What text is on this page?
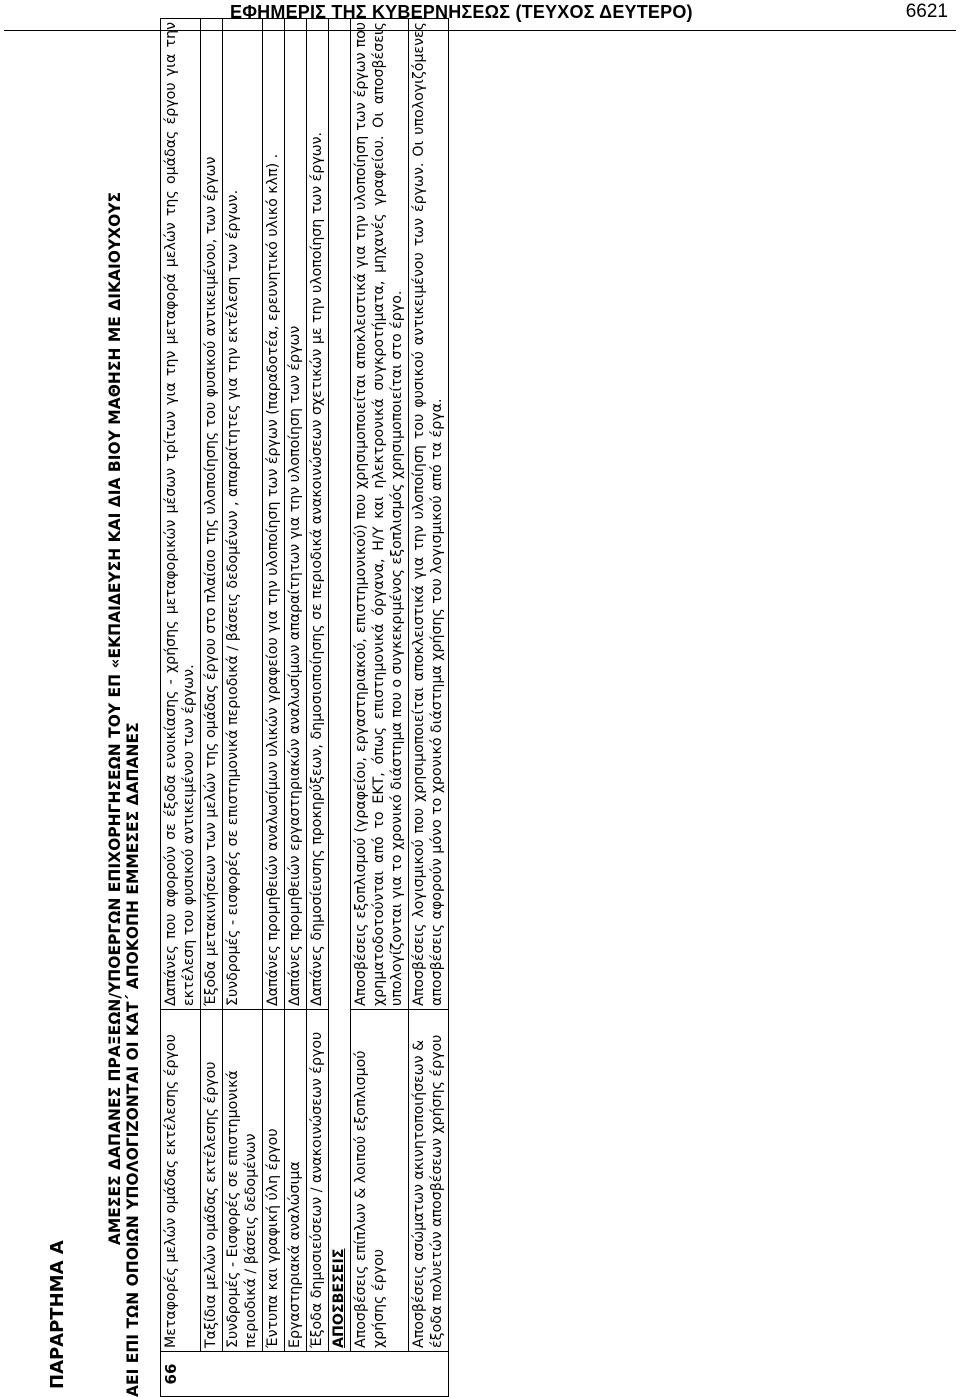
ΕΦΗΜΕΡΙΣ ΤΗΣ ΚΥΒΕΡΝΗΣΕΩΣ (ΤΕΥΧΟΣ ΔΕΥΤΕΡΟ)	6621
ΠΑΡΑΡΤΗΜΑ Α
ΑΜΕΣΕΣ ΔΑΠΑΝΕΣ ΠΡΑΞΕΩΝ/ΥΠΟΕΡΓΩΝ ΕΠΙΧΟΡΗΓΗΣΕΩΝ ΤΟΥ ΕΠ «ΕΚΠΑΙΔΕΥΣΗ ΚΑΙ ΔΙΑ ΒΙΟΥ ΜΑΘΗΣΗ ΜΕ ΔΙΚΑΙΟΥΧΟΥΣ ΑΕΙ ΕΠΙ ΤΩΝ ΟΠΟΙΩΝ ΥΠΟΛΟΓΙΖΟΝΤΑΙ ΟΙ ΚΑΤ΄ ΑΠΟΚΟΠΗ ΕΜΜΕΣΕΣ ΔΑΠΑΝΕΣ 66	Μεταφορές μελών ομάδας εκτέλεσης έργου	Δαπάνες που αφορούν σε έξοδα ενοικίασης - χρήσης μεταφορικών μέσων τρίτων για την μεταφορά μελών της ομάδας έργου για την εκτέλεση του φυσικού αντικειμένου των έργων.
	Ταξίδια μελών ομάδας εκτέλεσης έργου	Έξοδα μετακινήσεων των μελών της ομάδας έργου στο πλαίσιο της υλοποίησης του φυσικού αντικειμένου, των έργων
	Συνδρομές - Εισφορές σε επιστημονικά περιοδικά / βάσεις δεδομένων	Συνδρομές - εισφορές σε επιστημονικά περιοδικά / βάσεις δεδομένων , απαραίτητες για την εκτέλεση των έργων.
	Έντυπα και γραφική ύλη έργου	Δαπάνες προμηθειών αναλωσίμων υλικών γραφείου για την υλοποίηση των έργων (παραδοτέα, ερευνητικό υλικό κλπ) .
	Εργαστηριακά αναλώσιμα	Δαπάνες προμηθειών εργαστηριακών αναλωσίμων απαραίτητων για την υλοποίηση των έργων
	Έξοδα δημοσιεύσεων / ανακοινώσεων έργου	Δαπάνες δημοσίευσης προκηρύξεων, δημοσιοποίησης σε περιοδικά ανακοινώσεων σχετικών με την υλοποίηση των έργων.
	ΑΠΟΣΒΕΣΕΙΣ	
	Αποσβέσεις επίπλων & λοιπού εξοπλισμού χρήσης έργου	Αποσβέσεις εξοπλισμού (γραφείου, εργαστηριακού, επιστημονικού) που χρησιμοποιείται αποκλειστικά για την υλοποίηση των έργων που χρηματοδοτούνται από το ΕΚΤ, όπως επιστημονικά όργανα, Η/Υ και ηλεκτρονικά συγκροτήματα, μηχανές γραφείου. Οι αποσβέσεις υπολογίζονται για το χρονικό διάστημα που ο συγκεκριμένος εξοπλισμός χρησιμοποιείται στο έργο.
	Αποσβέσεις ασώματων ακινητοποιήσεων & έξοδα πολυετών αποσβέσεων χρήσης έργου	Αποσβέσεις λογισμικού που χρησιμοποιείται αποκλειστικά για την υλοποίηση του φυσικού αντικειμένου των έργων. Οι υπολογιζόμενες αποσβέσεις αφορούν μόνο το χρονικό διάστημα χρήσης του λογισμικού από τα έργα.
